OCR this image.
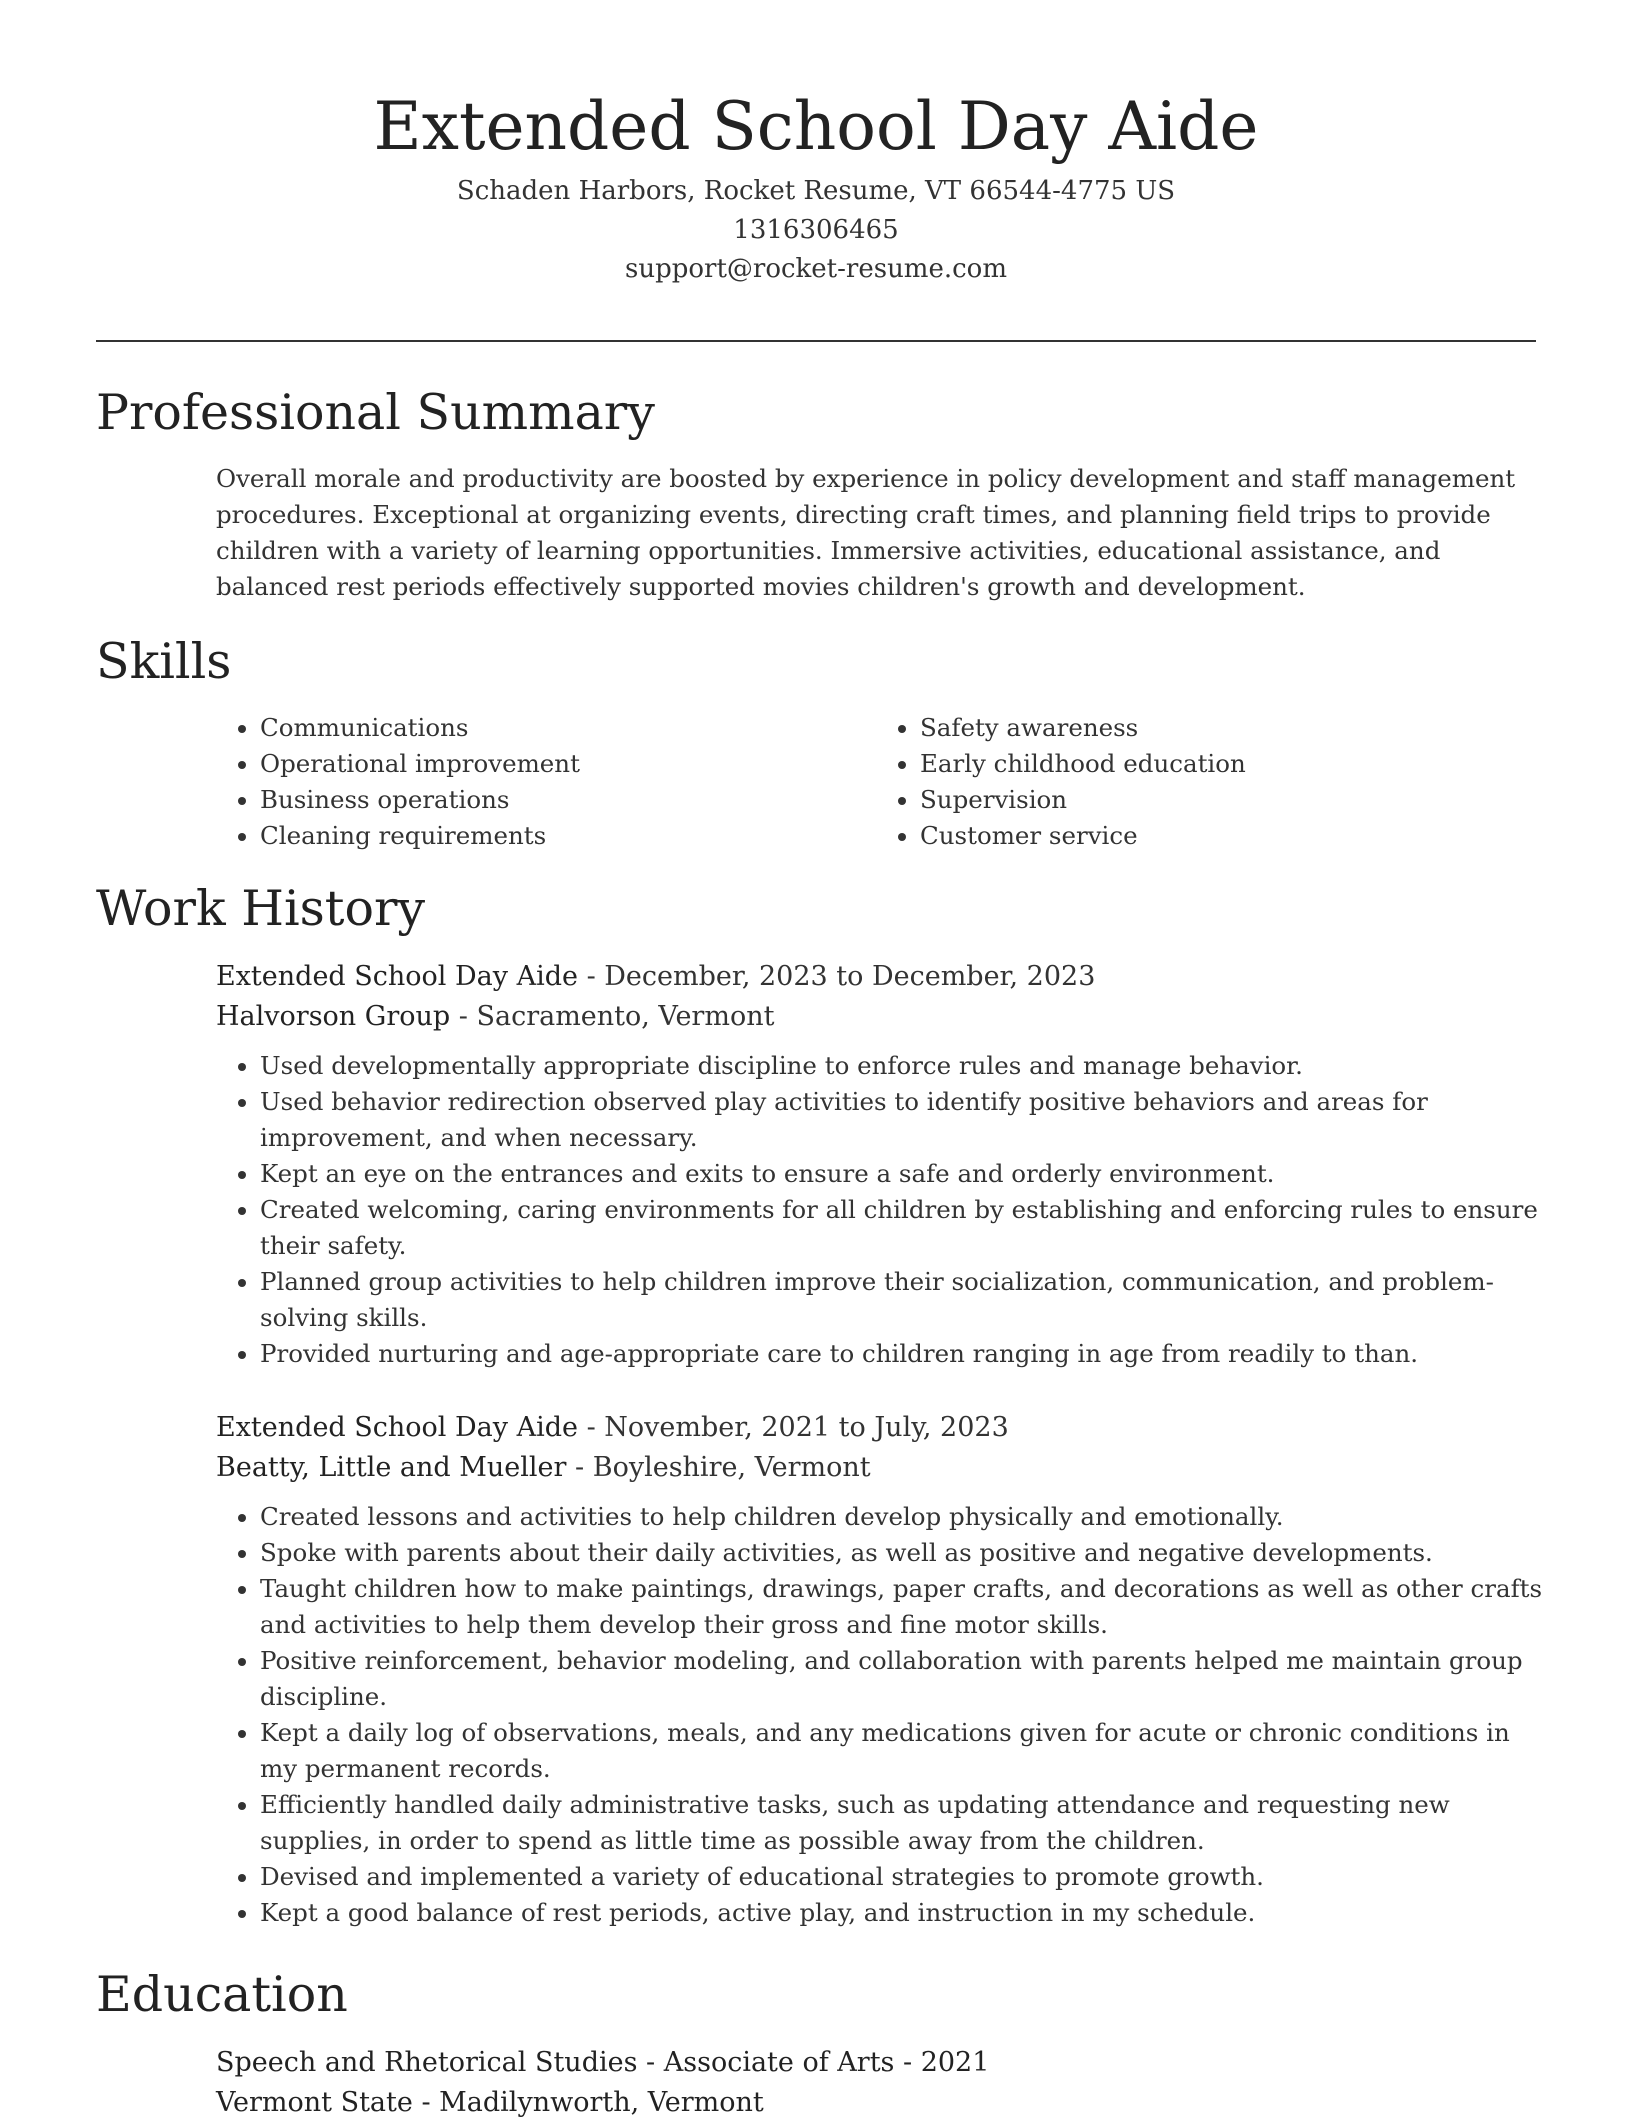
Extended School Day Aide
Schaden Harbors, Rocket Resume, VT 66544-4775 US
1316306465
support@rocket-resume.com
Professional Summary
Overall morale and productivity are boosted by experience in policy development and staff management procedures. Exceptional at organizing events, directing craft times, and planning field trips to provide children with a variety of learning opportunities. Immersive activities, educational assistance, and balanced rest periods effectively supported movies children's growth and development.
Skills
• Communications
• Operational improvement
• Business operations
• Cleaning requirements
• Safety awareness
• Early childhood education
• Supervision
• Customer service
Work History
Extended School Day Aide - December, 2023 to December, 2023
Halvorson Group - Sacramento, Vermont
• Used developmentally appropriate discipline to enforce rules and manage behavior.
• Used behavior redirection observed play activities to identify positive behaviors and areas for improvement, and when necessary.
• Kept an eye on the entrances and exits to ensure a safe and orderly environment.
• Created welcoming, caring environments for all children by establishing and enforcing rules to ensure their safety.
• Planned group activities to help children improve their socialization, communication, and problem-solving skills.
• Provided nurturing and age-appropriate care to children ranging in age from readily to than.
Extended School Day Aide - November, 2021 to July, 2023
Beatty, Little and Mueller - Boyleshire, Vermont
• Created lessons and activities to help children develop physically and emotionally.
• Spoke with parents about their daily activities, as well as positive and negative developments.
• Taught children how to make paintings, drawings, paper crafts, and decorations as well as other crafts and activities to help them develop their gross and fine motor skills.
• Positive reinforcement, behavior modeling, and collaboration with parents helped me maintain group discipline.
• Kept a daily log of observations, meals, and any medications given for acute or chronic conditions in my permanent records.
• Efficiently handled daily administrative tasks, such as updating attendance and requesting new supplies, in order to spend as little time as possible away from the children.
• Devised and implemented a variety of educational strategies to promote growth.
• Kept a good balance of rest periods, active play, and instruction in my schedule.
Education
Speech and Rhetorical Studies - Associate of Arts - 2021
Vermont State - Madilynworth, Vermont
